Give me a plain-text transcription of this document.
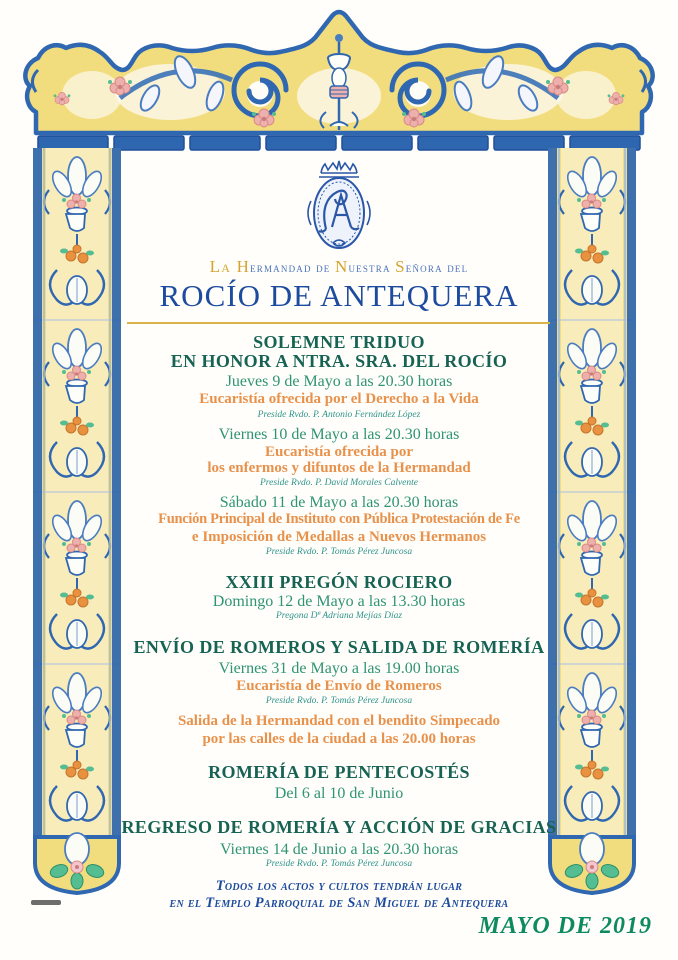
La Hermandad de Nuestra Señora del
ROCÍO DE ANTEQUERA
SOLEMNE TRIDUO
EN HONOR A NTRA. SRA. DEL ROCÍO
Jueves 9 de Mayo a las 20.30 horas
Eucaristía ofrecida por el Derecho a la Vida
Preside Rvdo. P. Antonio Fernández López
Viernes 10 de Mayo a las 20.30 horas
Eucaristía ofrecida por
los enfermos y difuntos de la Hermandad
Preside Rvdo. P. David Morales Calvente
Sábado 11 de Mayo a las 20.30 horas
Función Principal de Instituto con Pública Protestación de Fe
e Imposición de Medallas a Nuevos Hermanos
Preside Rvdo. P. Tomás Pérez Juncosa
XXIII PREGÓN ROCIERO
Domingo 12 de Mayo a las 13.30 horas
Pregona Dª Adriana Mejías Díaz
ENVÍO DE ROMEROS Y SALIDA DE ROMERÍA
Viernes 31 de Mayo a las 19.00 horas
Eucaristía de Envío de Romeros
Preside Rvdo. P. Tomás Pérez Juncosa
Salida de la Hermandad con el bendito Simpecado
por las calles de la ciudad a las 20.00 horas
ROMERÍA DE PENTECOSTÉS
Del 6 al 10 de Junio
REGRESO DE ROMERÍA Y ACCIÓN DE GRACIAS
Viernes 14 de Junio a las 20.30 horas
Preside Rvdo. P. Tomás Pérez Juncosa
Todos los actos y cultos tendrán lugar
en el Templo Parroquial de San Miguel de Antequera
MAYO DE 2019
